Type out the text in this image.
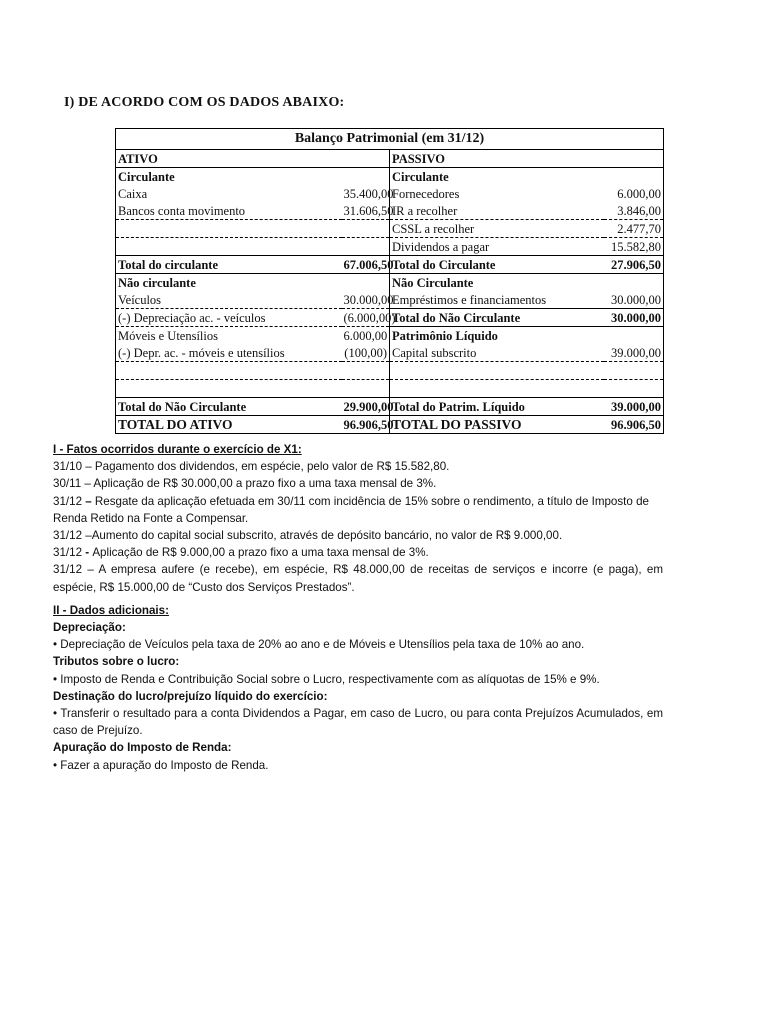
I) DE ACORDO COM OS DADOS ABAIXO:
Balanço Patrimonial (em 31/12)			
ATIVO		PASSIVO	
Circulante		Circulante	
Caixa	35.400,00	Fornecedores	6.000,00
Bancos conta movimento	31.606,50	IR a recolher	3.846,00
		CSSL a recolher	2.477,70
		Dividendos a pagar	15.582,80
Total do circulante	67.006,50	Total do Circulante	27.906,50
Não circulante		Não Circulante	
Veículos	30.000,00	Empréstimos e financiamentos	30.000,00
(-) Depreciação ac. - veículos	(6.000,00)	Total do Não Circulante	30.000,00
Móveis e Utensílios	6.000,00	Patrimônio Líquido	
(-) Depr. ac. - móveis e utensílios	(100,00)	Capital subscrito	39.000,00

Total do Não Circulante	29.900,00	Total do Patrim. Líquido	39.000,00
TOTAL DO ATIVO	96.906,50	TOTAL DO PASSIVO	96.906,50

I - Fatos ocorridos durante o exercício de X1:

31/10 – Pagamento dos dividendos, em espécie, pelo valor de R$ 15.582,80.

30/11 – Aplicação de R$ 30.000,00 a prazo fixo a uma taxa mensal de 3%.

31/12 – Resgate da aplicação efetuada em 30/11 com incidência de 15% sobre o rendimento, a título de Imposto de Renda Retido na Fonte a Compensar.

31/12 –Aumento do capital social subscrito, através de depósito bancário, no valor de R$ 9.000,00.

31/12 - Aplicação de R$ 9.000,00 a prazo fixo a uma taxa mensal de 3%.

31/12 – A empresa aufere (e recebe), em espécie, R$ 48.000,00 de receitas de serviços e incorre (e paga), em espécie, R$ 15.000,00 de “Custo dos Serviços Prestados”.

II - Dados adicionais:

Depreciação:

• Depreciação de Veículos pela taxa de 20% ao ano e de Móveis e Utensílios pela taxa de 10% ao ano.

Tributos sobre o lucro:

• Imposto de Renda e Contribuição Social sobre o Lucro, respectivamente com as alíquotas de 15% e 9%.

Destinação do lucro/prejuízo líquido do exercício:

• Transferir o resultado para a conta Dividendos a Pagar, em caso de Lucro, ou para conta Prejuízos Acumulados, em caso de Prejuízo.

Apuração do Imposto de Renda:

• Fazer a apuração do Imposto de Renda.
